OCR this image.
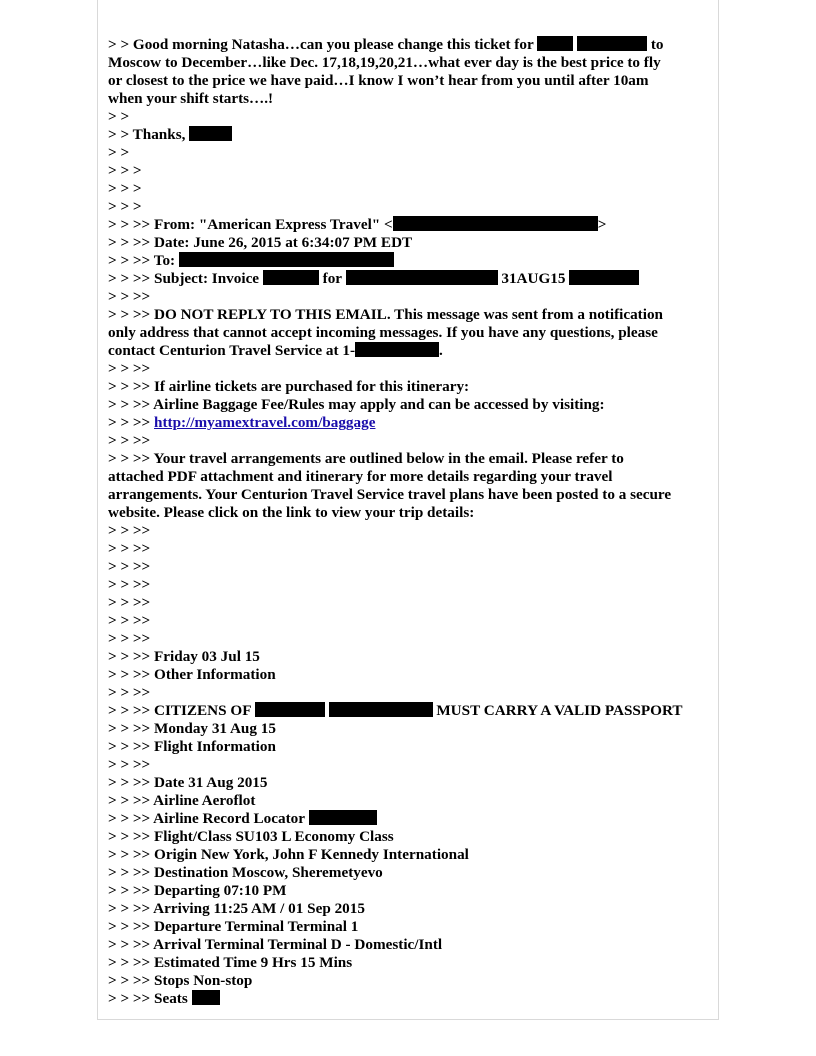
> > Good morning Natasha…can you please change this ticket for	to
Moscow to December…like Dec. 17,18,19,20,21…what ever day is the best price to fly
or closest to the price we have paid…I know I won’t hear from you until after 10am
when your shift starts….!
> >
> > Thanks,
> >
> > >
> > >
> > >
> > >> From: "American Express Travel" <	>
> > >> Date: June 26, 2015 at 6:34:07 PM EDT
> > >> To:
> > >> Subject: Invoice	for	31AUG15
> > >>
> > >> DO NOT REPLY TO THIS EMAIL. This message was sent from a notification
only address that cannot accept incoming messages. If you have any questions, please
contact Centurion Travel Service at 1-	.
> > >>
> > >> If airline tickets are purchased for this itinerary:
> > >> Airline Baggage Fee/Rules may apply and can be accessed by visiting:
> > >> http://myamextravel.com/baggage
> > >>
> > >> Your travel arrangements are outlined below in the email. Please refer to
attached PDF attachment and itinerary for more details regarding your travel
arrangements. Your Centurion Travel Service travel plans have been posted to a secure
website. Please click on the link to view your trip details:
> > >>
> > >>
> > >>
> > >>
> > >>
> > >>
> > >>
> > >> Friday 03 Jul 15
> > >> Other Information
> > >>
> > >> CITIZENS OF	MUST CARRY A VALID PASSPORT
> > >> Monday 31 Aug 15
> > >> Flight Information
> > >>
> > >> Date 31 Aug 2015
> > >> Airline Aeroflot
> > >> Airline Record Locator
> > >> Flight/Class SU103 L Economy Class
> > >> Origin New York, John F Kennedy International
> > >> Destination Moscow, Sheremetyevo
> > >> Departing 07:10 PM
> > >> Arriving 11:25 AM / 01 Sep 2015
> > >> Departure Terminal Terminal 1
> > >> Arrival Terminal Terminal D - Domestic/Intl
> > >> Estimated Time 9 Hrs 15 Mins
> > >> Stops Non-stop
> > >> Seats
